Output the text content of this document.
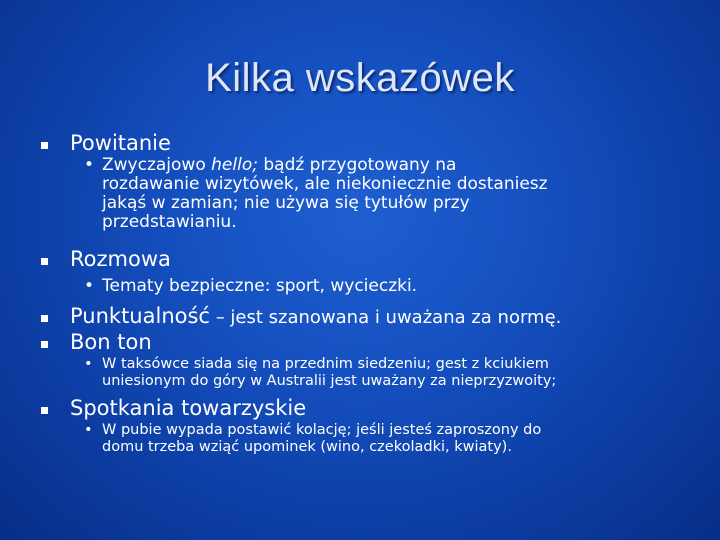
Kilka wskazówek
Powitanie
• Zwyczajowo hello; bądź przygotowany na
rozdawanie wizytówek, ale niekoniecznie dostaniesz
jakąś w zamian; nie używa się tytułów przy
przedstawianiu.
Rozmowa
• Tematy bezpieczne: sport, wycieczki.
Punktualność – jest szanowana i uważana za normę.
Bon ton
• W taksówce siada się na przednim siedzeniu; gest z kciukiem
uniesionym do góry w Australii jest uważany za nieprzyzwoity;
Spotkania towarzyskie
• W pubie wypada postawić kolację; jeśli jesteś zaproszony do
domu trzeba wziąć upominek (wino, czekoladki, kwiaty).
